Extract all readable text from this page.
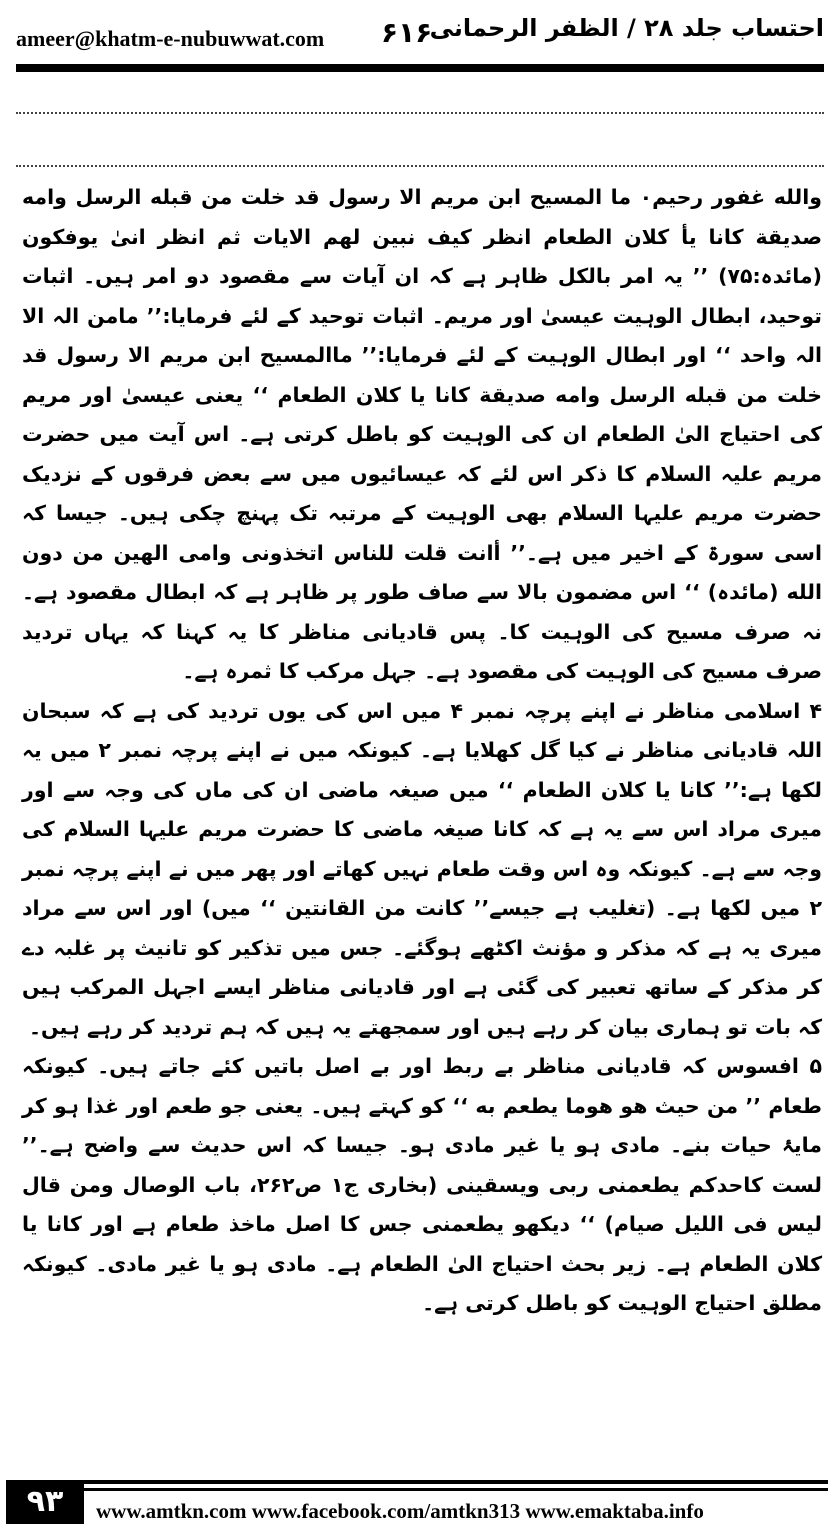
ameer@khatm-e-nubuwwat.com ۶۱۶
احتساب جلد ۲۸ / الظفر الرحمانی

والله غفور رحیم۰ ما المسیح ابن مریم الا رسول قد خلت من قبله الرسل وامه صدیقة کانا یأ کلان الطعام انظر کیف نبین لهم الایات ثم انظر انیٰ یوفکون (مائدہ:۷۵) ’’ یہ امر بالکل ظاہر ہے کہ ان آیات سے مقصود دو امر ہیں۔ اثبات توحید، ابطال الوہیت عیسیٰ اور مریم۔ اثبات توحید کے لئے فرمایا:’’ مامن الہ الا الہ واحد ‘‘ اور ابطال الوہیت کے لئے فرمایا:’’ ماالمسیح ابن مریم الا رسول قد خلت من قبله الرسل وامه صدیقة کانا یا کلان الطعام ‘‘ یعنی عیسیٰ اور مریم کی احتیاج الیٰ الطعام ان کی الوہیت کو باطل کرتی ہے۔ اس آیت میں حضرت مریم علیہ السلام کا ذکر اس لئے کہ عیسائیوں میں سے بعض فرقوں کے نزدیک حضرت مریم علیہا السلام بھی الوہیت کے مرتبہ تک پہنچ چکی ہیں۔ جیسا کہ اسی سورۃ کے اخیر میں ہے۔’’ أانت قلت للناس اتخذونی وامی الهین من دون الله (مائدہ) ‘‘ اس مضمون بالا سے صاف طور پر ظاہر ہے کہ ابطال مقصود ہے۔ نہ صرف مسیح کی الوہیت کا۔ پس قادیانی مناظر کا یہ کہنا کہ یہاں تردید صرف مسیح کی الوہیت کی مقصود ہے۔ جہل مرکب کا ثمرہ ہے۔

۴ اسلامی مناظر نے اپنے پرچہ نمبر ۴ میں اس کی یوں تردید کی ہے کہ سبحان اللہ قادیانی مناظر نے کیا گل کھلایا ہے۔ کیونکہ میں نے اپنے پرچہ نمبر ۲ میں یہ لکھا ہے:’’ کانا یا کلان الطعام ‘‘ میں صیغہ ماضی ان کی ماں کی وجہ سے اور میری مراد اس سے یہ ہے کہ کانا صیغہ ماضی کا حضرت مریم علیہا السلام کی وجہ سے ہے۔ کیونکہ وہ اس وقت طعام نہیں کھاتے اور پھر میں نے اپنے پرچہ نمبر ۲ میں لکھا ہے۔ (تغلیب ہے جیسے’’ کانت من القانتین ‘‘ میں) اور اس سے مراد میری یہ ہے کہ مذکر و مؤنث اکٹھے ہوگئے۔ جس میں تذکیر کو تانیث پر غلبہ دے کر مذکر کے ساتھ تعبیر کی گئی ہے اور قادیانی مناظر ایسے اجہل المرکب ہیں کہ بات تو ہماری بیان کر رہے ہیں اور سمجھتے یہ ہیں کہ ہم تردید کر رہے ہیں۔

۵ افسوس کہ قادیانی مناظر بے ربط اور بے اصل باتیں کئے جاتے ہیں۔ کیونکہ طعام ’’ من حیث هو هوما یطعم به ‘‘ کو کہتے ہیں۔ یعنی جو طعم اور غذا ہو کر مایۂ حیات بنے۔ مادی ہو یا غیر مادی ہو۔ جیسا کہ اس حدیث سے واضح ہے۔’’ لست کاحدکم یطعمنی ربی ویسقینی (بخاری ج۱ ص۲۶۲، باب الوصال ومن قال لیس فی اللیل صیام) ‘‘ دیکھو یطعمنی جس کا اصل ماخذ طعام ہے اور کانا یا کلان الطعام ہے۔ زیر بحث احتیاج الیٰ الطعام ہے۔ مادی ہو یا غیر مادی۔ کیونکہ مطلق احتیاج الوہیت کو باطل کرتی ہے۔

۹۳	www.amtkn.com www.facebook.com/amtkn313 www.emaktaba.info
